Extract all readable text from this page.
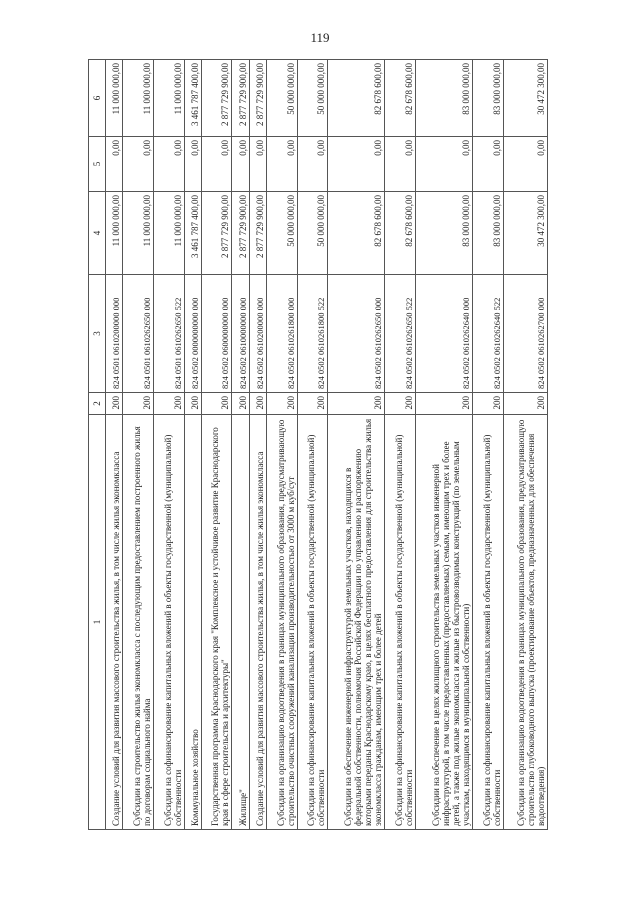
119
1	2	3	4	5	6
Создание условий для развития массового строительства жилья, в том числе жилья экономкласса	200	824 0501 0610200000 000	11 000 000,00	0,00	11 000 000,00
Субсидии на строительство жилья экономкласса с последующим предоставлением построенного жилья по договорам социального найма	200	824 0501 0610262650 000	11 000 000,00	0,00	11 000 000,00
Субсидии на софинансирование капитальных вложений в объекты государственной (муниципальной) собственности	200	824 0501 0610262650 522	11 000 000,00	0,00	11 000 000,00
Коммунальное хозяйство	200	824 0502 0000000000 000	3 461 787 400,00	0,00	3 461 787 400,00
Государственная программа Краснодарского края "Комплексное и устойчивое развитие Краснодарского края в сфере строительства и архитектуры"	200	824 0502 0600000000 000	2 877 729 900,00	0,00	2 877 729 900,00
Жилище"	200	824 0502 0610000000 000	2 877 729 900,00	0,00	2 877 729 900,00
Создание условий для развития массового строительства жилья, в том числе жилья экономкласса	200	824 0502 0610200000 000	2 877 729 900,00	0,00	2 877 729 900,00
Субсидии на организацию водоотведения в границах муниципального образования, предусматривающую строительство очистных сооружений канализации производительностью от 3000 м куб/сут	200	824 0502 0610261800 000	50 000 000,00	0,00	50 000 000,00
Субсидии на софинансирование капитальных вложений в объекты государственной (муниципальной) собственности	200	824 0502 0610261800 522	50 000 000,00	0,00	50 000 000,00
Субсидии на обеспечение инженерной инфраструктурой земельных участков, находящихся в федеральной собственности, полномочия Российской Федерации по управлению и распоряжению которыми переданы Краснодарскому краю, в целях бесплатного предоставления для строительства жилья экономкласса гражданам, имеющим трех и более детей	200	824 0502 0610262650 000	82 678 600,00	0,00	82 678 600,00
Субсидии на софинансирование капитальных вложений в объекты государственной (муниципальной) собственности	200	824 0502 0610262650 522	82 678 600,00	0,00	82 678 600,00
Субсидии на обеспечение в целях жилищного строительства земельных участков инженерной инфраструктурой, в том числе предоставленных (предоставляемых) семьям, имеющим трех и более детей, а также под жилые экономкласса и жилые из быстровозводимых конструкций (по земельным участкам, находящимся в муниципальной собственности)	200	824 0502 0610262640 000	83 000 000,00	0,00	83 000 000,00
Субсидии на софинансирование капитальных вложений в объекты государственной (муниципальной) собственности	200	824 0502 0610262640 522	83 000 000,00	0,00	83 000 000,00
Субсидии на организацию водоотведения в границах муниципального образования, предусматривающую строительство глубоководного выпуска (проектирование объектов, предназначенных для обеспечения водоотведения)	200	824 0502 0610262700 000	30 472 300,00	0,00	30 472 300,00
